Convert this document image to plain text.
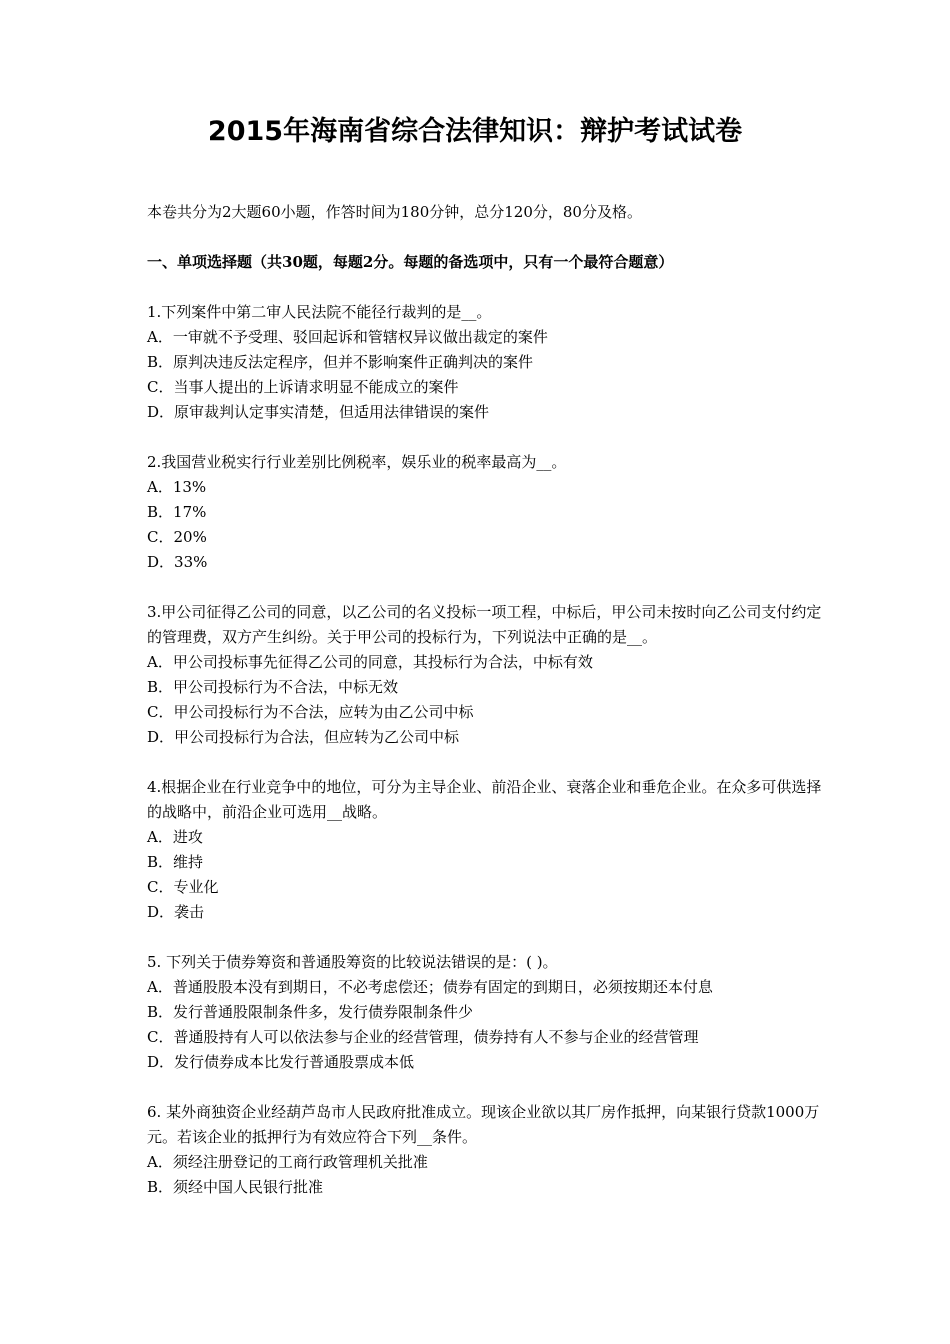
2015年海南省综合法律知识：辩护考试试卷
本卷共分为2大题60小题，作答时间为180分钟，总分120分，80分及格。
一、单项选择题（共30题，每题2分。每题的备选项中，只有一个最符合题意）
1.下列案件中第二审人民法院不能径行裁判的是__。
A．一审就不予受理、驳回起诉和管辖权异议做出裁定的案件
B．原判决违反法定程序，但并不影响案件正确判决的案件
C．当事人提出的上诉请求明显不能成立的案件
D．原审裁判认定事实清楚，但适用法律错误的案件
2.我国营业税实行行业差别比例税率，娱乐业的税率最高为__。
A．13%
B．17%
C．20%
D．33%
3.甲公司征得乙公司的同意，以乙公司的名义投标一项工程，中标后，甲公司未按时向乙公司支付约定的管理费，双方产生纠纷。关于甲公司的投标行为，下列说法中正确的是__。
A．甲公司投标事先征得乙公司的同意，其投标行为合法，中标有效
B．甲公司投标行为不合法，中标无效
C．甲公司投标行为不合法，应转为由乙公司中标
D．甲公司投标行为合法，但应转为乙公司中标
4.根据企业在行业竞争中的地位，可分为主导企业、前沿企业、衰落企业和垂危企业。在众多可供选择的战略中，前沿企业可选用__战略。
A．进攻
B．维持
C．专业化
D．袭击
5. 下列关于债券筹资和普通股筹资的比较说法错误的是：( )。
A．普通股股本没有到期日，不必考虑偿还；债券有固定的到期日，必须按期还本付息
B．发行普通股限制条件多，发行债券限制条件少
C．普通股持有人可以依法参与企业的经营管理，债券持有人不参与企业的经营管理
D．发行债券成本比发行普通股票成本低
6. 某外商独资企业经葫芦岛市人民政府批准成立。现该企业欲以其厂房作抵押，向某银行贷款1000万元。若该企业的抵押行为有效应符合下列__条件。
A．须经注册登记的工商行政管理机关批准
B．须经中国人民银行批准
